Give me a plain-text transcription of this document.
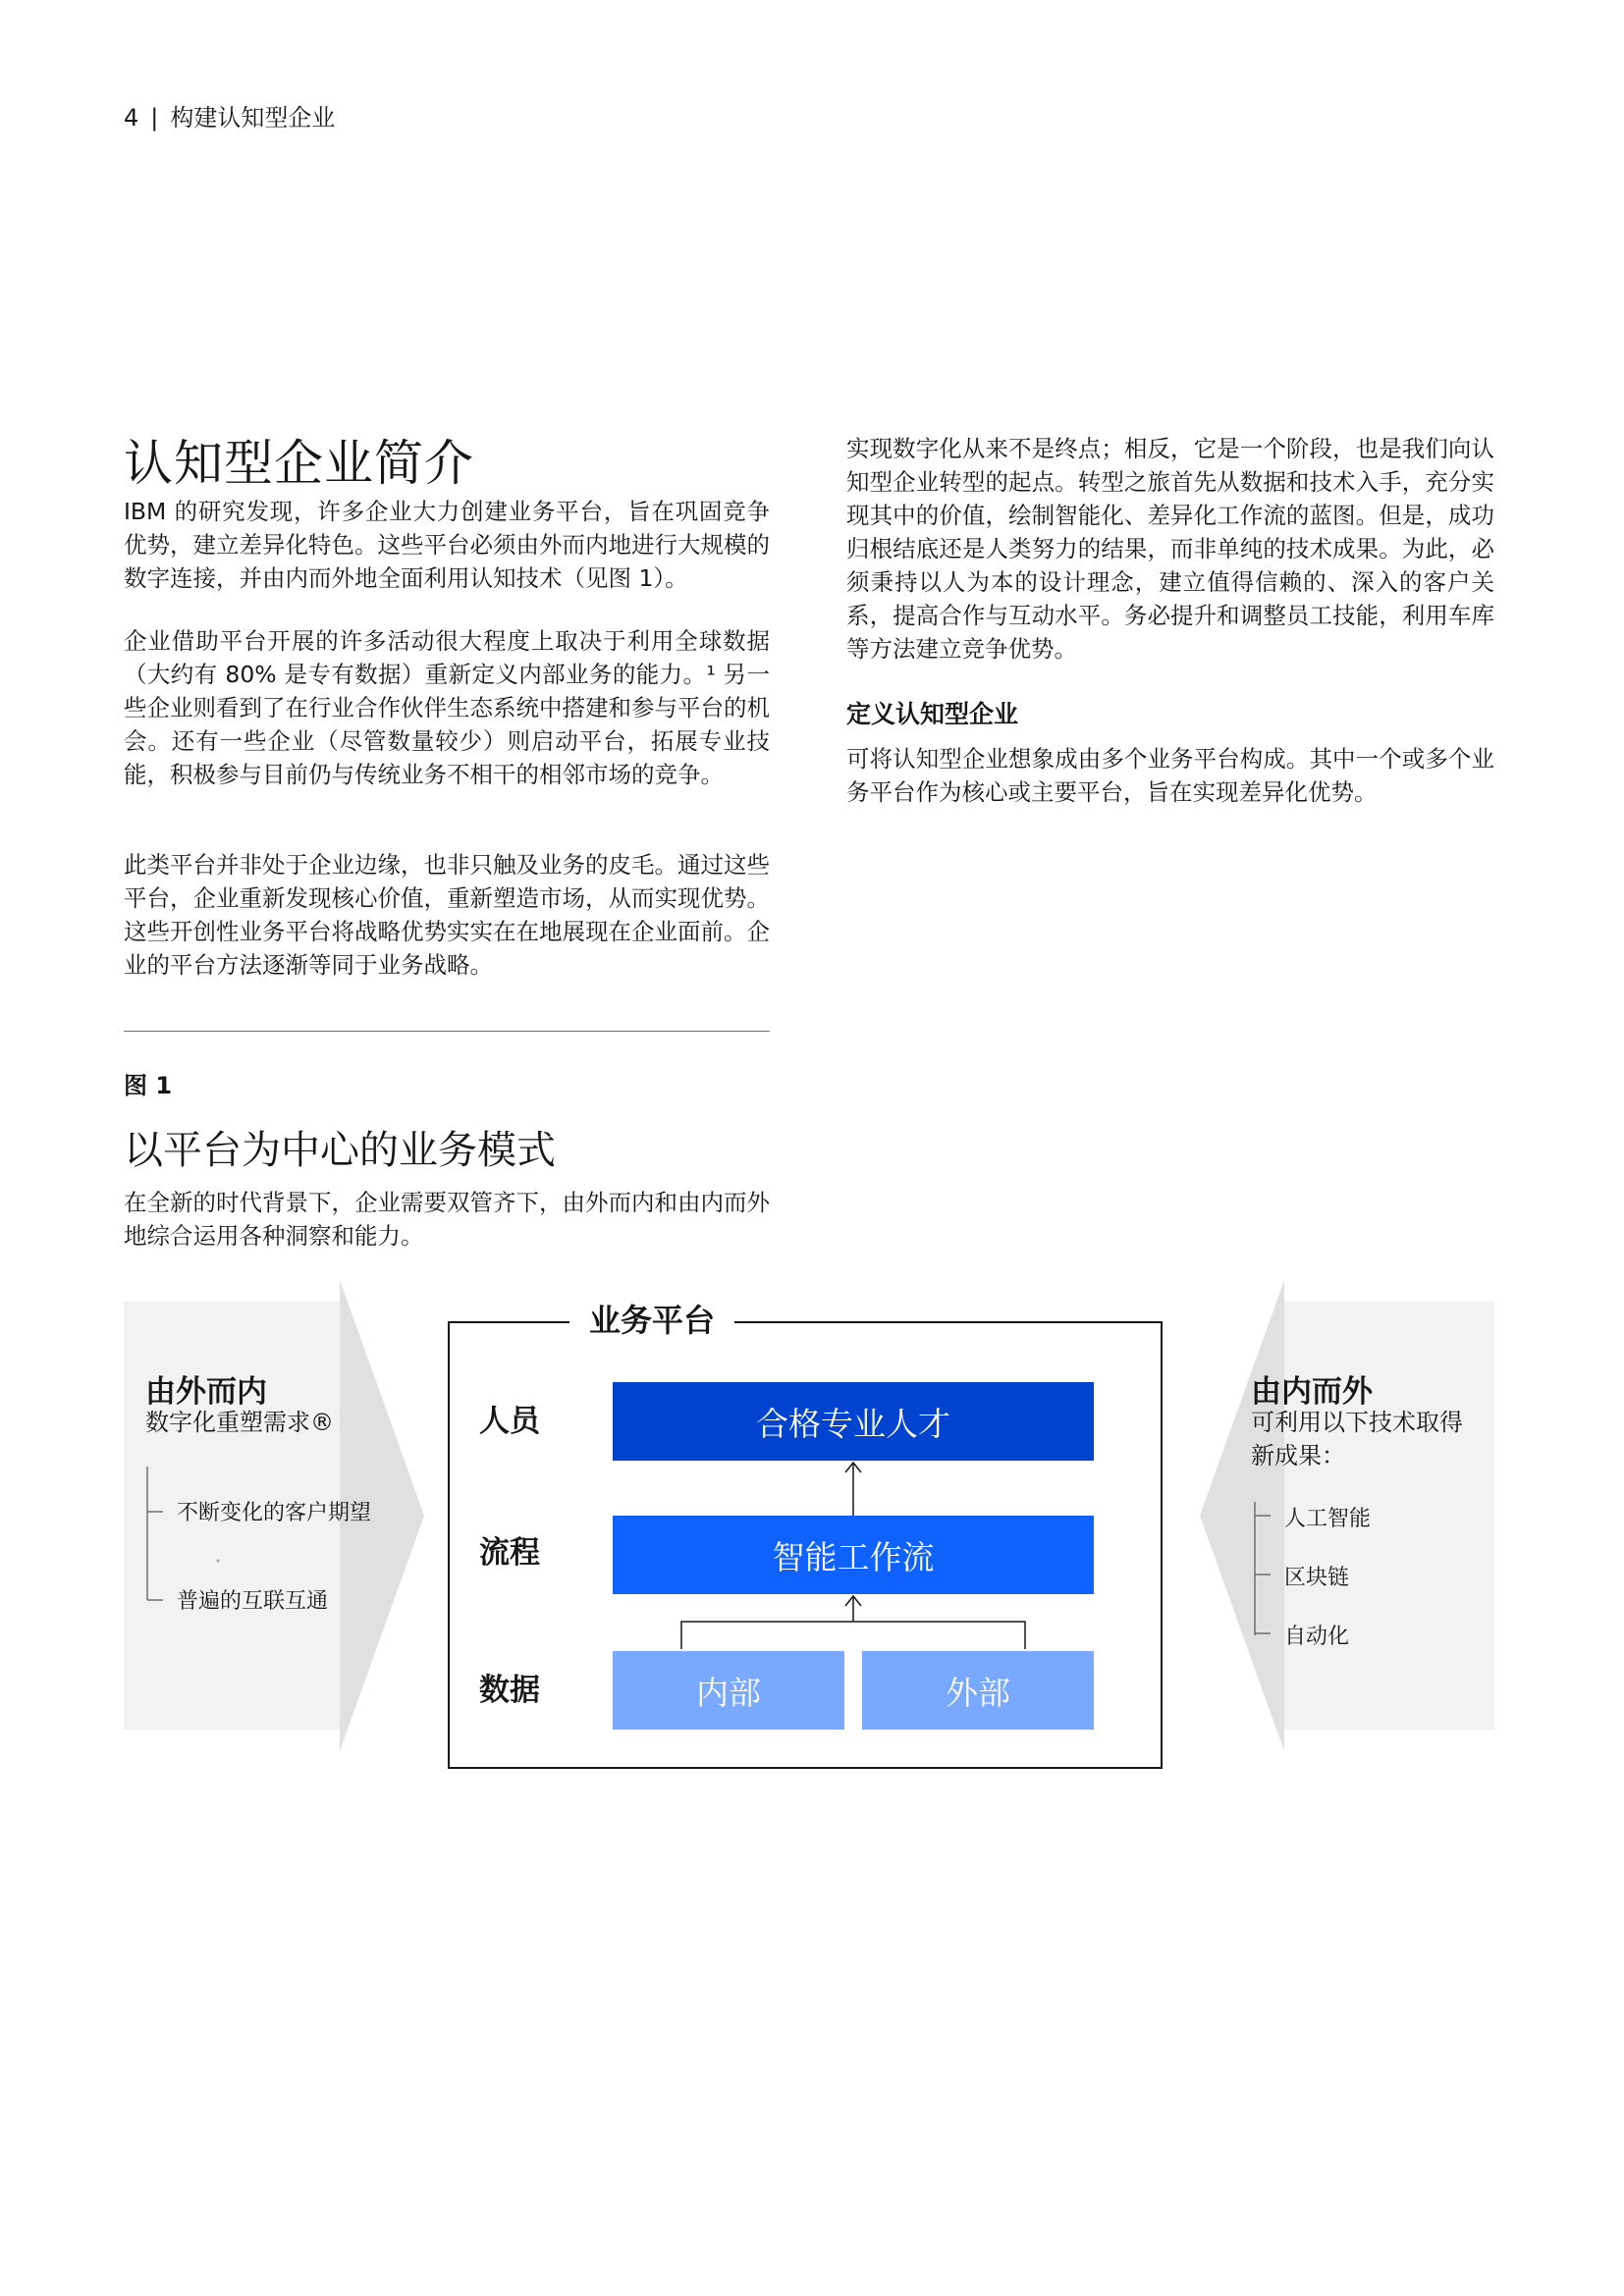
4 | 构建认知型企业
认知型企业简介
IBM 的研究发现，许多企业大力创建业务平台，旨在巩固竞争优势，建立差异化特色。这些平台必须由外而内地进行大规模的数字连接，并由内而外地全面利用认知技术（见图 1）。
企业借助平台开展的许多活动很大程度上取决于利用全球数据（大约有 80% 是专有数据）重新定义内部业务的能力。¹ 另一些企业则看到了在行业合作伙伴生态系统中搭建和参与平台的机会。还有一些企业（尽管数量较少）则启动平台，拓展专业技能，积极参与目前仍与传统业务不相干的相邻市场的竞争。
此类平台并非处于企业边缘，也非只触及业务的皮毛。通过这些平台，企业重新发现核心价值，重新塑造市场，从而实现优势。这些开创性业务平台将战略优势实实在在地展现在企业面前。企业的平台方法逐渐等同于业务战略。
实现数字化从来不是终点；相反，它是一个阶段，也是我们向认知型企业转型的起点。转型之旅首先从数据和技术入手，充分实现其中的价值，绘制智能化、差异化工作流的蓝图。但是，成功归根结底还是人类努力的结果，而非单纯的技术成果。为此，必须秉持以人为本的设计理念，建立值得信赖的、深入的客户关系，提高合作与互动水平。务必提升和调整员工技能，利用车库等方法建立竞争优势。
定义认知型企业
可将认知型企业想象成由多个业务平台构成。其中一个或多个业务平台作为核心或主要平台，旨在实现差异化优势。
图 1
以平台为中心的业务模式
在全新的时代背景下，企业需要双管齐下，由外而内和由内而外地综合运用各种洞察和能力。
由外而内
数字化重塑需求®
不断变化的客户期望
普遍的互联互通
由内而外
可利用以下技术取得
新成果：
人工智能
区块链
自动化
业务平台
人员
流程
数据
合格专业人才
智能工作流
内部	外部
